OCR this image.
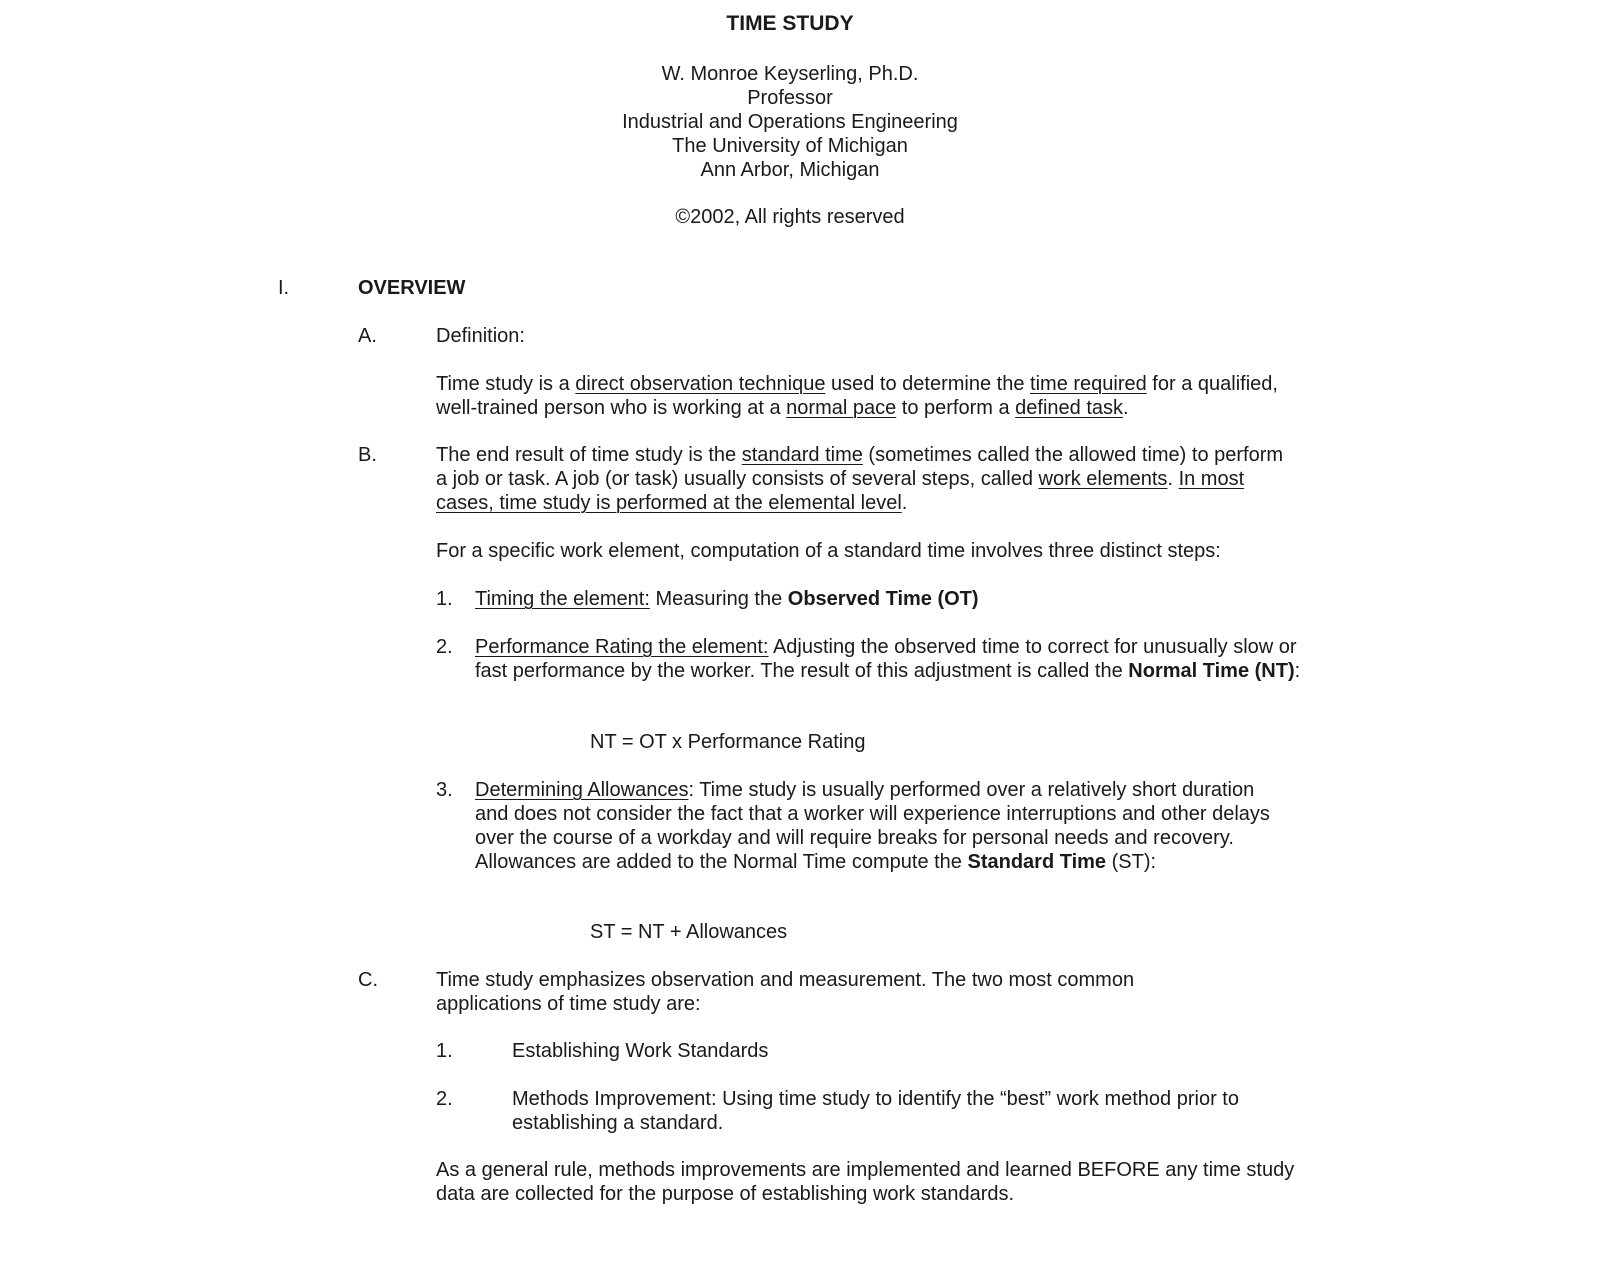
TIME STUDY
W. Monroe Keyserling, Ph.D.
Professor
Industrial and Operations Engineering
The University of Michigan
Ann Arbor, Michigan
©2002, All rights reserved
I.	OVERVIEW
A.	Definition:
Time study is a direct observation technique used to determine the time required for a qualified, well-trained person who is working at a normal pace to perform a defined task.
B.	The end result of time study is the standard time (sometimes called the allowed time) to perform a job or task. A job (or task) usually consists of several steps, called work elements. In most cases, time study is performed at the elemental level.
For a specific work element, computation of a standard time involves three distinct steps:
1. Timing the element: Measuring the Observed Time (OT)
2. Performance Rating the element: Adjusting the observed time to correct for unusually slow or fast performance by the worker. The result of this adjustment is called the Normal Time (NT):
NT = OT x Performance Rating
3. Determining Allowances: Time study is usually performed over a relatively short duration and does not consider the fact that a worker will experience interruptions and other delays over the course of a workday and will require breaks for personal needs and recovery. Allowances are added to the Normal Time compute the Standard Time (ST):
ST = NT + Allowances
C.	Time study emphasizes observation and measurement. The two most common applications of time study are:
1.	Establishing Work Standards
2.	Methods Improvement: Using time study to identify the “best” work method prior to establishing a standard.
As a general rule, methods improvements are implemented and learned BEFORE any time study data are collected for the purpose of establishing work standards.
